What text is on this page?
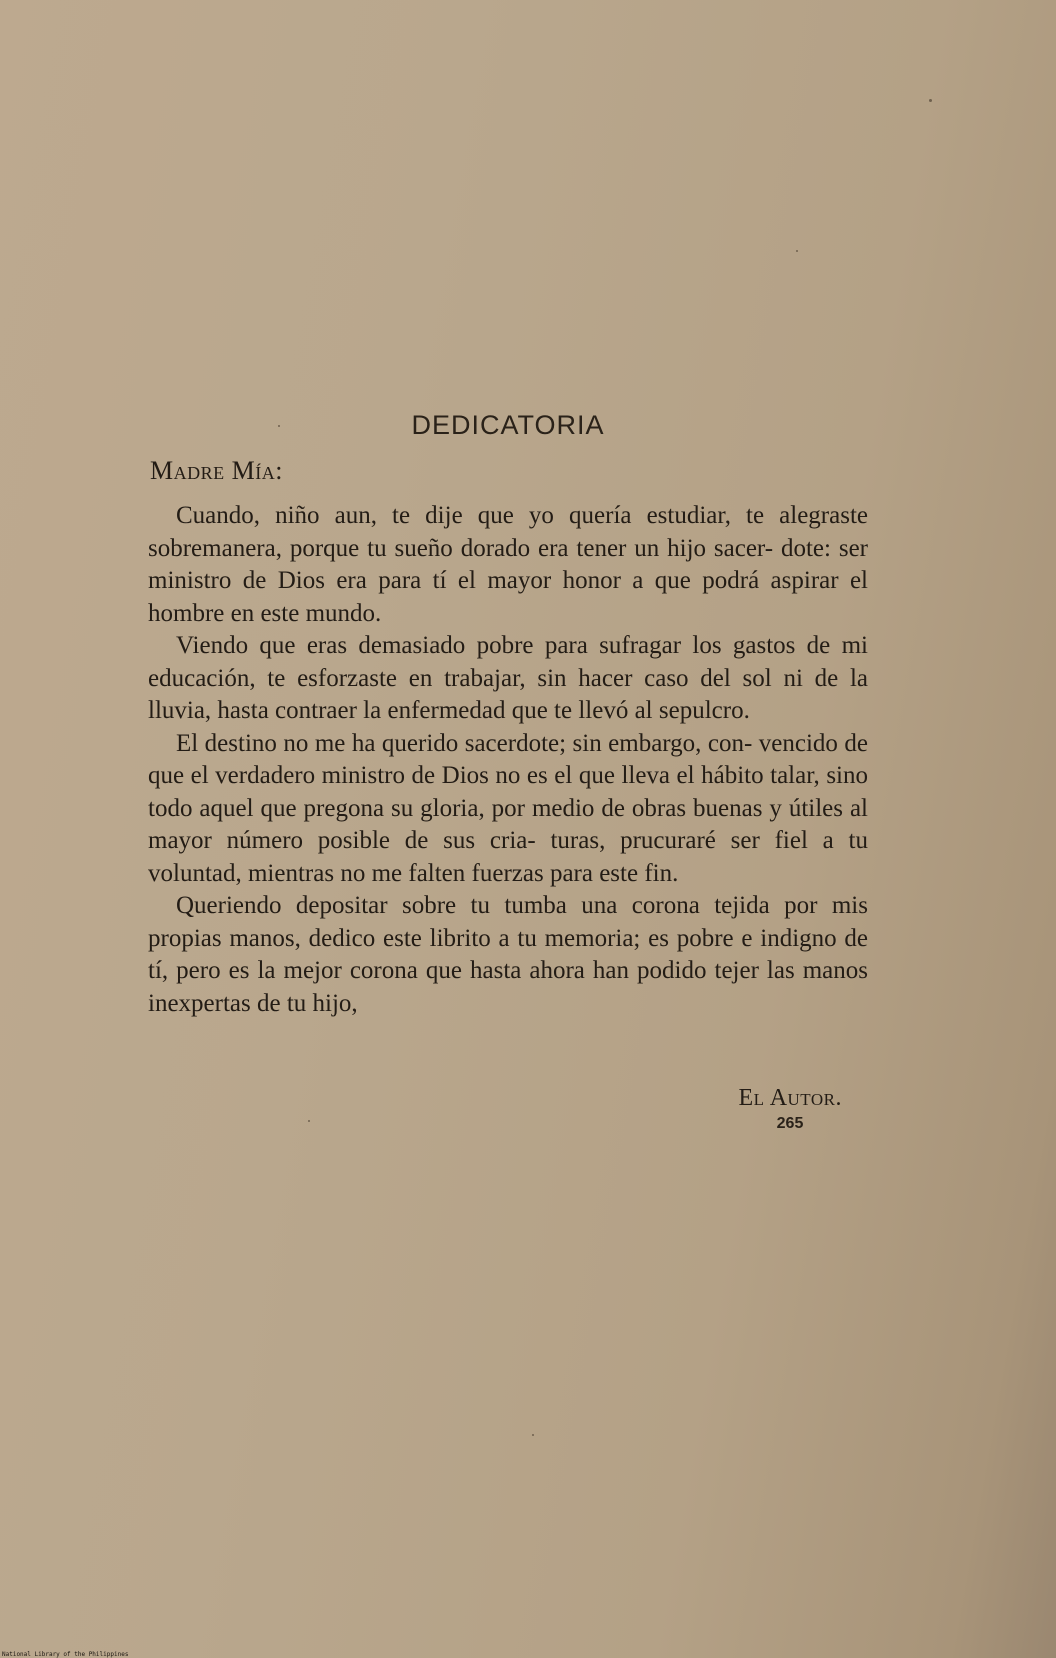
DEDICATORIA
Madre Mía:

Cuando, niño aun, te dije que yo quería estudiar, te alegraste sobremanera, porque tu sueño dorado era tener un hijo sacer- dote: ser ministro de Dios era para tí el mayor honor a que podrá aspirar el hombre en este mundo.

Viendo que eras demasiado pobre para sufragar los gastos de mi educación, te esforzaste en trabajar, sin hacer caso del sol ni de la lluvia, hasta contraer la enfermedad que te llevó al sepulcro.

El destino no me ha querido sacerdote; sin embargo, con- vencido de que el verdadero ministro de Dios no es el que lleva el hábito talar, sino todo aquel que pregona su gloria, por medio de obras buenas y útiles al mayor número posible de sus cria- turas, prucuraré ser fiel a tu voluntad, mientras no me falten fuerzas para este fin.

Queriendo depositar sobre tu tumba una corona tejida por mis propias manos, dedico este librito a tu memoria; es pobre e indigno de tí, pero es la mejor corona que hasta ahora han podido tejer las manos inexpertas de tu hijo,

El Autor.
265
National Library of the Philippines
